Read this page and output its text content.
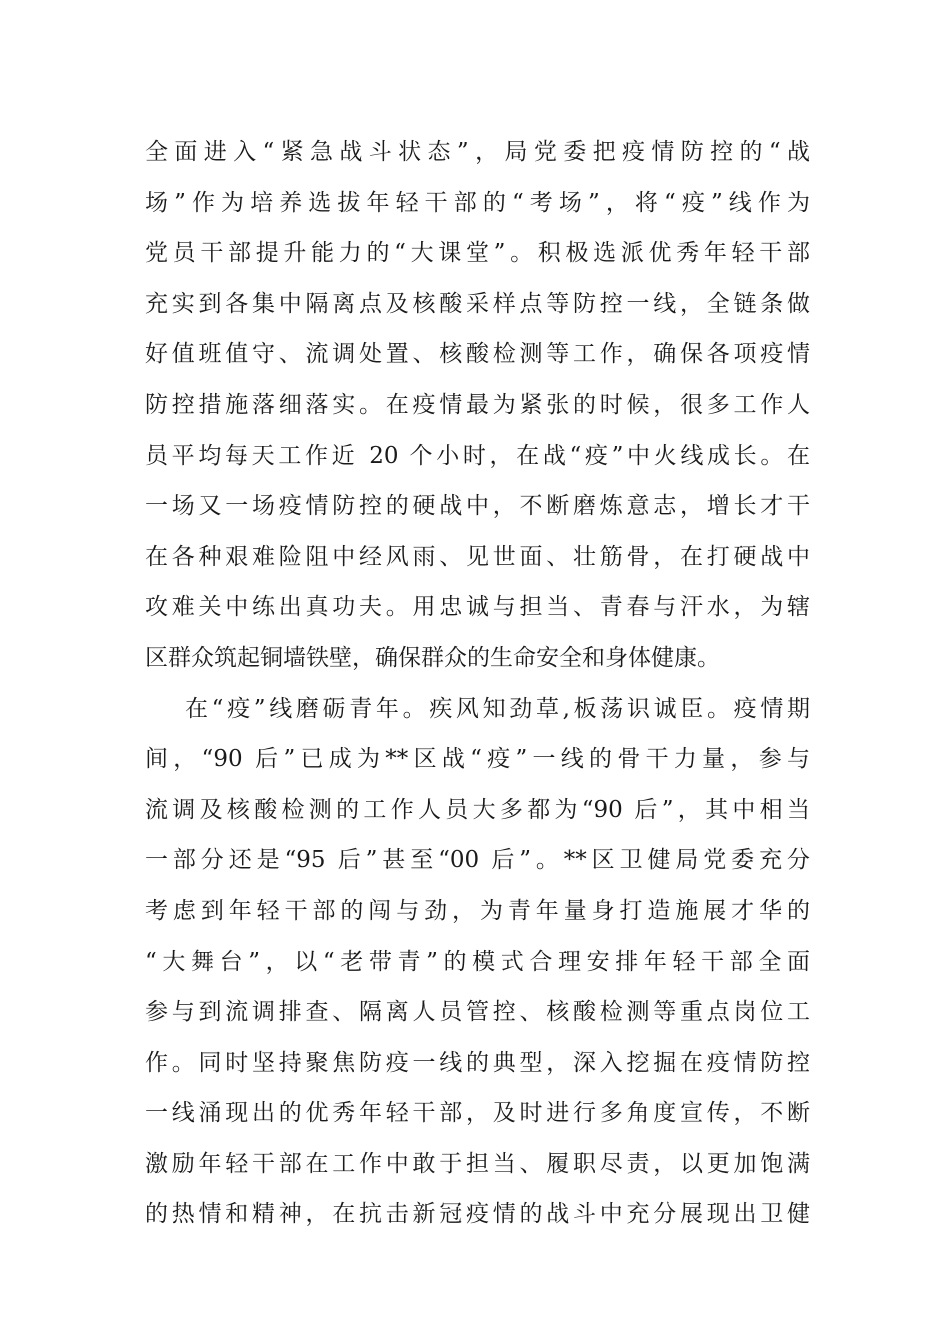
全面进入“紧急战斗状态”，局党委把疫情防控的“战
场”作为培养选拔年轻干部的“考场”，将“疫”线作为
党员干部提升能力的“大课堂”。积极选派优秀年轻干部
充实到各集中隔离点及核酸采样点等防控一线，全链条做
好值班值守、流调处置、核酸检测等工作，确保各项疫情
防控措施落细落实。在疫情最为紧张的时候，很多工作人
员平均每天工作近 20 个小时，在战“疫”中火线成长。在
一场又一场疫情防控的硬战中，不断磨炼意志，增长才干
在各种艰难险阻中经风雨、见世面、壮筋骨，在打硬战中
攻难关中练出真功夫。用忠诚与担当、青春与汗水，为辖
区群众筑起铜墙铁壁，确保群众的生命安全和身体健康。
在“疫”线磨砺青年。疾风知劲草,板荡识诚臣。疫情期
间，“90 后”已成为**区战“疫”一线的骨干力量，参与
流调及核酸检测的工作人员大多都为“90 后”，其中相当
一部分还是“95 后”甚至“00 后”。**区卫健局党委充分
考虑到年轻干部的闯与劲，为青年量身打造施展才华的
“大舞台”，以“老带青”的模式合理安排年轻干部全面
参与到流调排查、隔离人员管控、核酸检测等重点岗位工
作。同时坚持聚焦防疫一线的典型，深入挖掘在疫情防控
一线涌现出的优秀年轻干部，及时进行多角度宣传，不断
激励年轻干部在工作中敢于担当、履职尽责，以更加饱满
的热情和精神，在抗击新冠疫情的战斗中充分展现出卫健
